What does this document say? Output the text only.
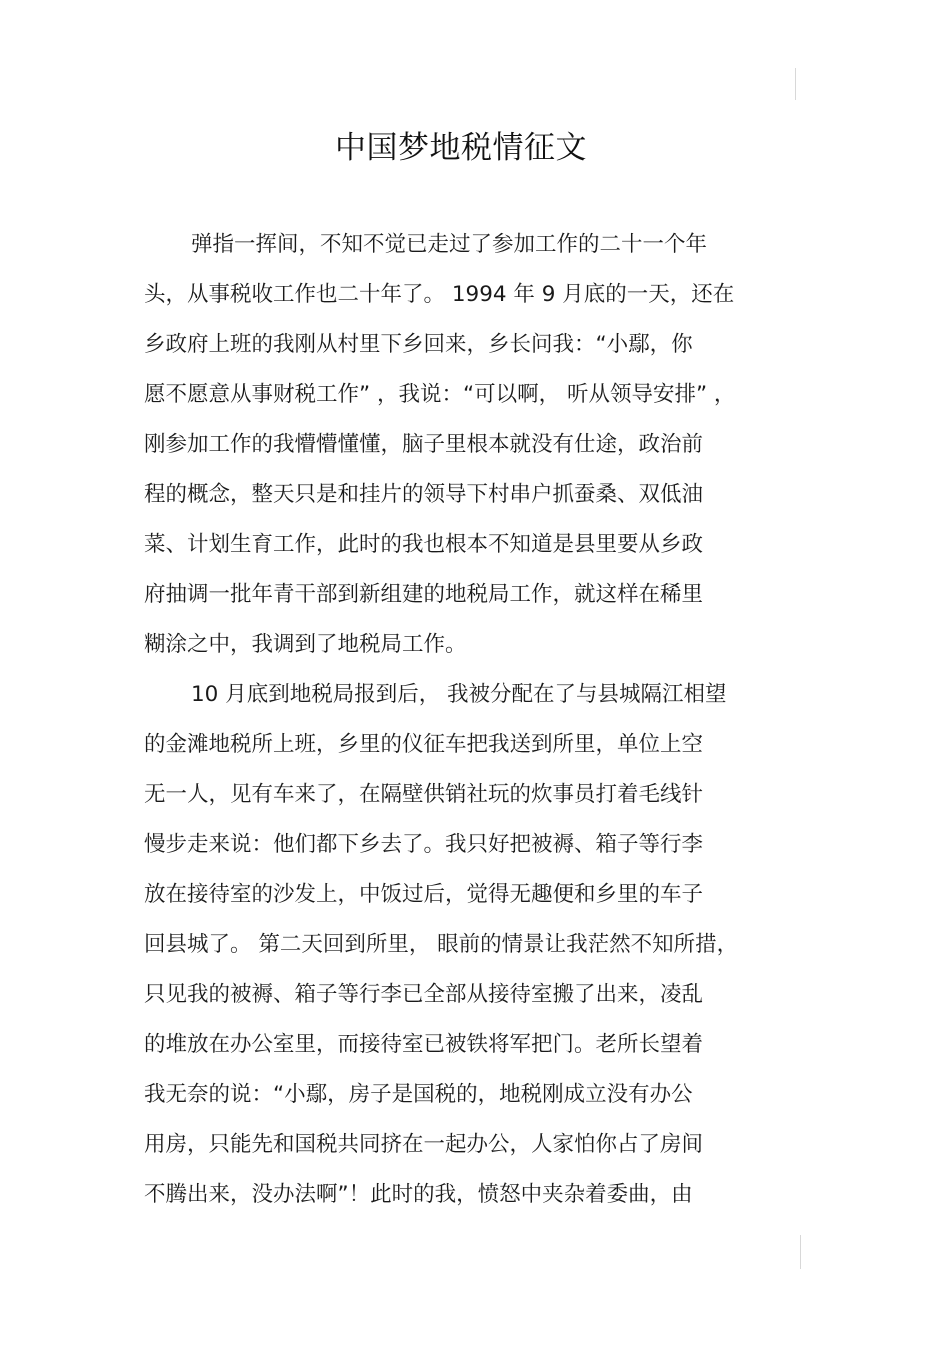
中国梦地税情征文
弹指一挥间，不知不觉已走过了参加工作的二十一个年
头，从事税收工作也二十年了。 1994 年 9 月底的一天，还在
乡政府上班的我刚从村里下乡回来，乡长问我：“小鄢，你
愿不愿意从事财税工作” ，我说：“可以啊， 听从领导安排” ，
刚参加工作的我懵懵懂懂，脑子里根本就没有仕途，政治前
程的概念，整天只是和挂片的领导下村串户抓蚕桑、双低油
菜、计划生育工作，此时的我也根本不知道是县里要从乡政
府抽调一批年青干部到新组建的地税局工作，就这样在稀里
糊涂之中，我调到了地税局工作。
10 月底到地税局报到后， 我被分配在了与县城隔江相望
的金滩地税所上班，乡里的仪征车把我送到所里，单位上空
无一人，见有车来了，在隔壁供销社玩的炊事员打着毛线针
慢步走来说：他们都下乡去了。我只好把被褥、箱子等行李
放在接待室的沙发上，中饭过后，觉得无趣便和乡里的车子
回县城了。 第二天回到所里， 眼前的情景让我茫然不知所措，
只见我的被褥、箱子等行李已全部从接待室搬了出来，凌乱
的堆放在办公室里，而接待室已被铁将军把门。老所长望着
我无奈的说：“小鄢，房子是国税的，地税刚成立没有办公
用房，只能先和国税共同挤在一起办公，人家怕你占了房间
不腾出来，没办法啊”！此时的我，愤怒中夹杂着委曲，由
